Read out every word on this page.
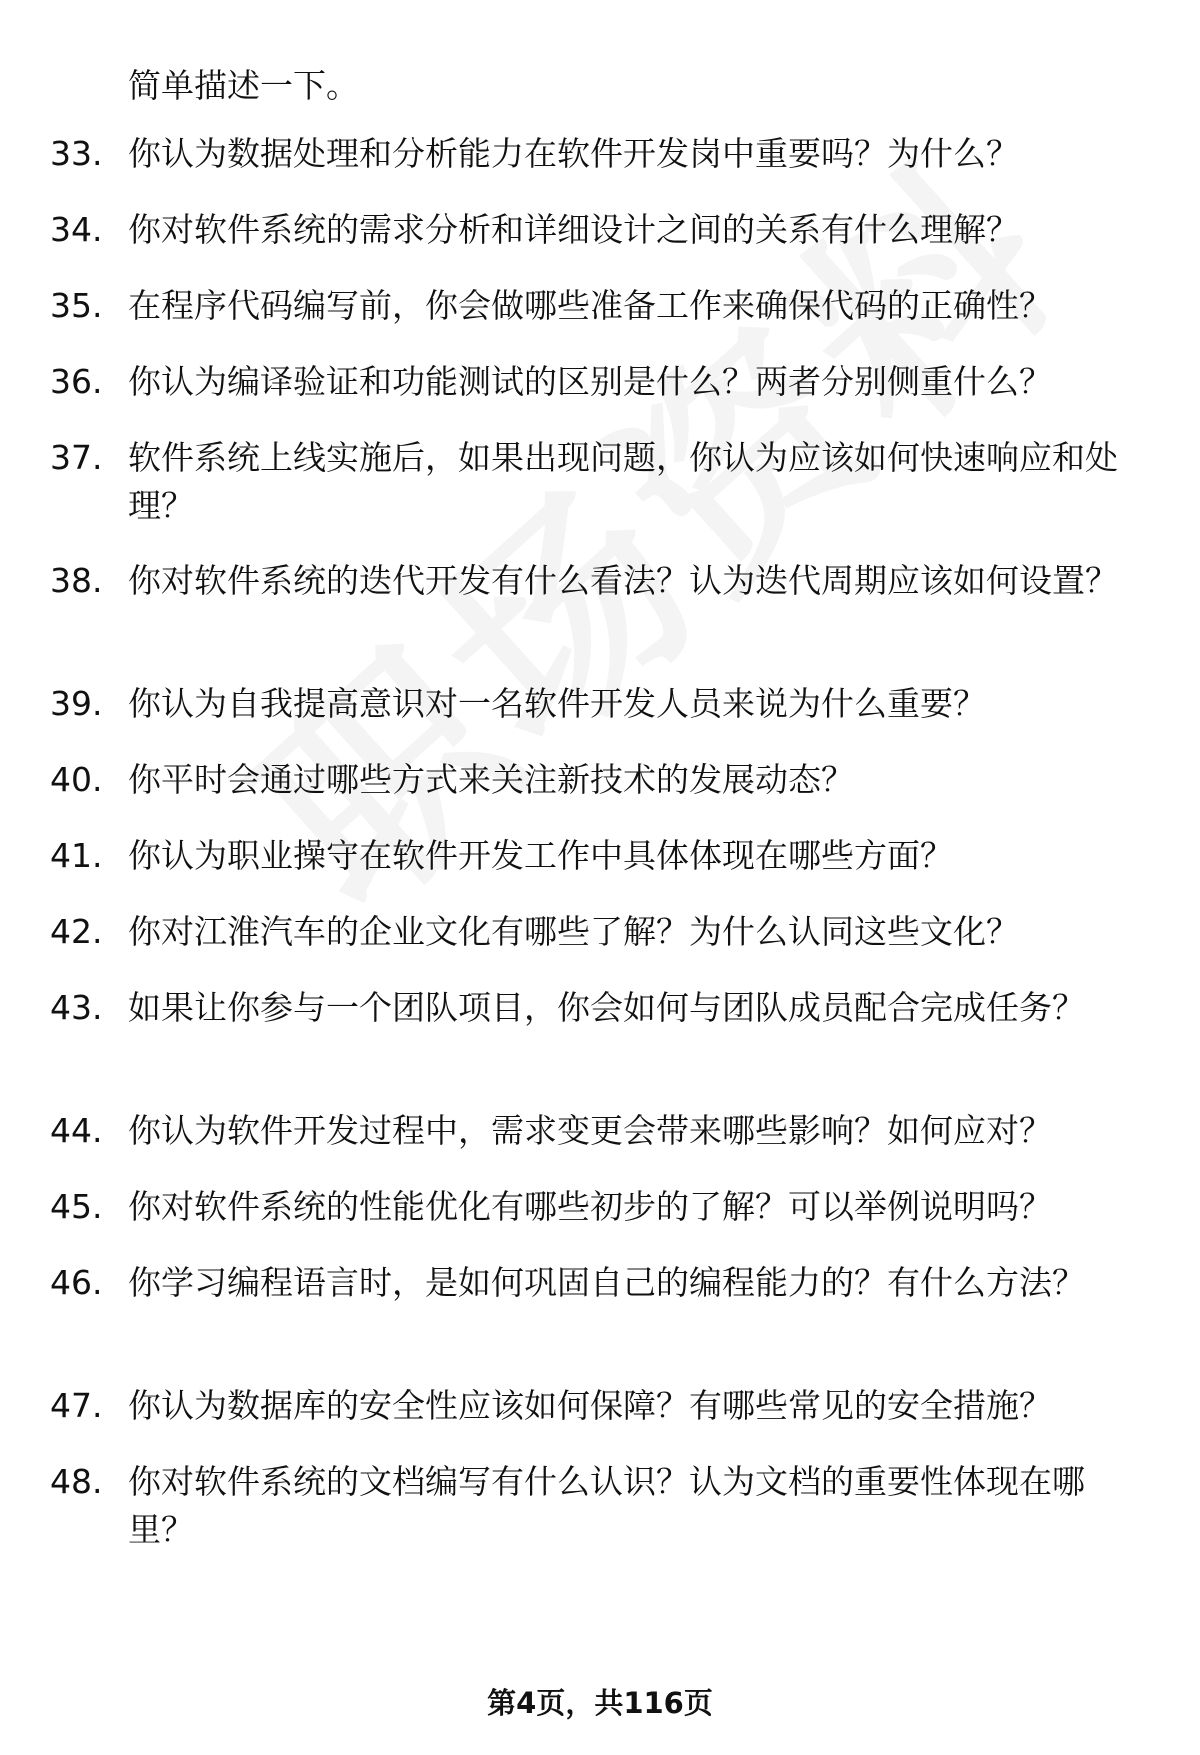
简单描述一下。
33. 你认为数据处理和分析能力在软件开发岗中重要吗？为什么？
34. 你对软件系统的需求分析和详细设计之间的关系有什么理解？
35. 在程序代码编写前，你会做哪些准备工作来确保代码的正确性？
36. 你认为编译验证和功能测试的区别是什么？两者分别侧重什么？
37. 软件系统上线实施后，如果出现问题，你认为应该如何快速响应和处理？
38. 你对软件系统的迭代开发有什么看法？认为迭代周期应该如何设置？
39. 你认为自我提高意识对一名软件开发人员来说为什么重要？
40. 你平时会通过哪些方式来关注新技术的发展动态？
41. 你认为职业操守在软件开发工作中具体体现在哪些方面？
42. 你对江淮汽车的企业文化有哪些了解？为什么认同这些文化？
43. 如果让你参与一个团队项目，你会如何与团队成员配合完成任务？
44. 你认为软件开发过程中，需求变更会带来哪些影响？如何应对？
45. 你对软件系统的性能优化有哪些初步的了解？可以举例说明吗？
46. 你学习编程语言时，是如何巩固自己的编程能力的？有什么方法？
47. 你认为数据库的安全性应该如何保障？有哪些常见的安全措施？
48. 你对软件系统的文档编写有什么认识？认为文档的重要性体现在哪里？
第4页，共116页
